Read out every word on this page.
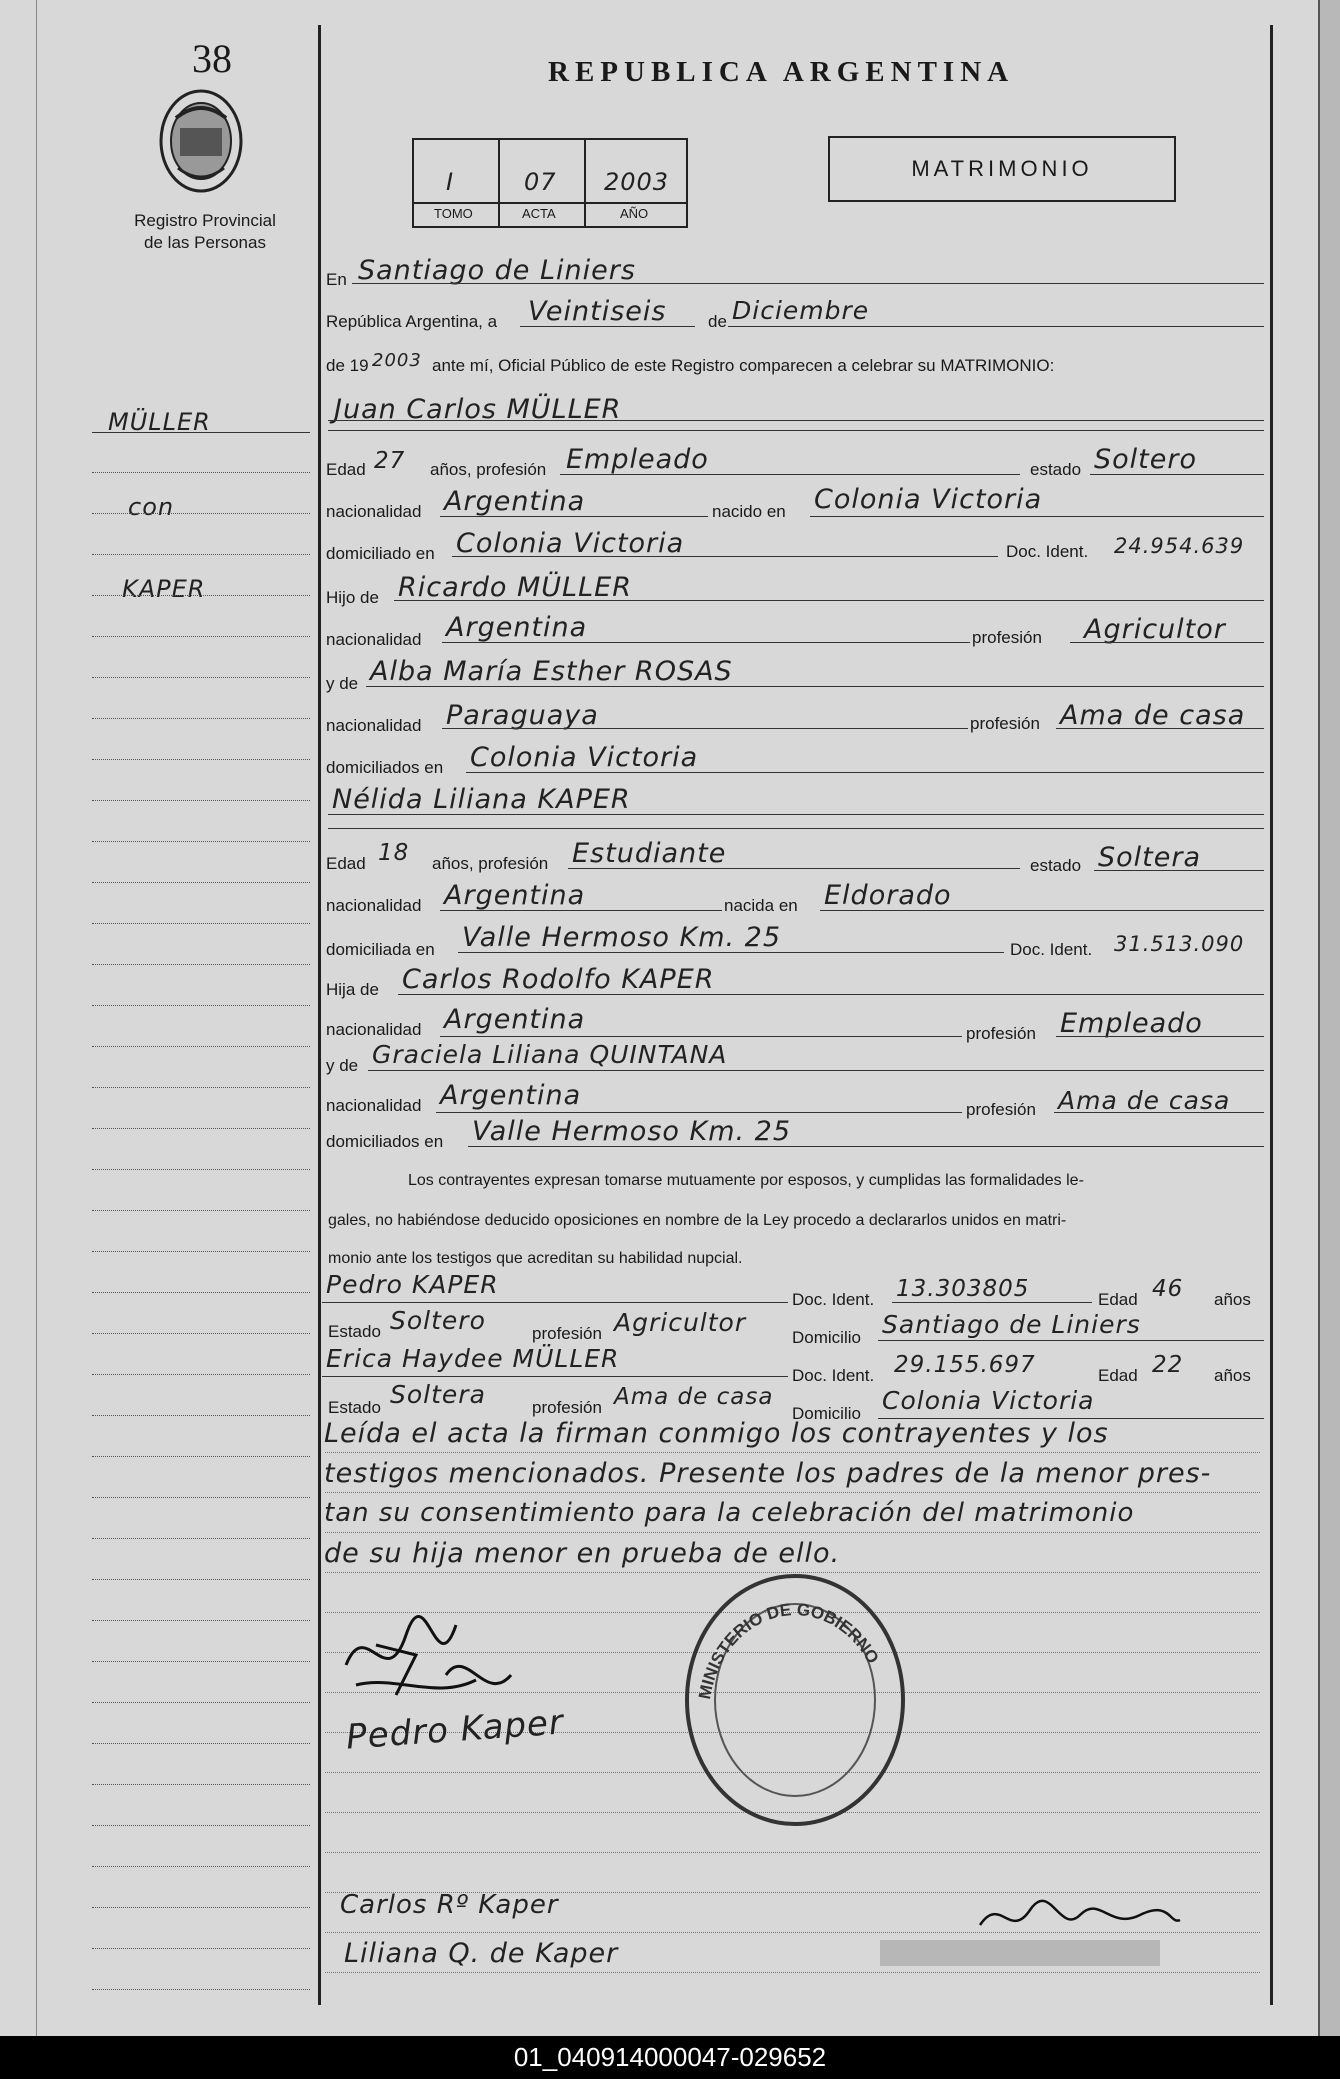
38
Registro Provincial
de las Personas
MÜLLER
con
KAPER
REPUBLICA ARGENTINA
I	07 2003
TOMO	ACTA	AÑO
MATRIMONIO
En Santiago de Liniers
República Argentina, a Veintiseis de Diciembre
de 19 2003 ante mí, Oficial Público de este Registro comparecen a celebrar su MATRIMONIO:
Juan Carlos MÜLLER
Edad 27 años, profesión Empleado	estado Soltero
nacionalidad Argentina	nacido en Colonia Victoria
domiciliado en Colonia Victoria	Doc. Ident. 24.954.639
Hijo de Ricardo MÜLLER
nacionalidad Argentina	profesión Agricultor
y de Alba María Esther ROSAS
nacionalidad Paraguaya	profesión Ama de casa
domiciliados en Colonia Victoria
Nélida Liliana KAPER
Edad 18 años, profesión Estudiante	estado Soltera
nacionalidad Argentina	nacida en Eldorado
domiciliada en Valle Hermoso Km. 25	Doc. Ident. 31.513.090
Hija de Carlos Rodolfo KAPER
nacionalidad Argentina	profesión Empleado
y de Graciela Liliana QUINTANA
nacionalidad Argentina	profesión Ama de casa
domiciliados en Valle Hermoso Km. 25
Los contrayentes expresan tomarse mutuamente por esposos, y cumplidas las formalidades le-
gales, no habiéndose deducido oposiciones en nombre de la Ley procedo a declararlos unidos en matri-
monio ante los testigos que acreditan su habilidad nupcial.
Pedro KAPER
Doc. Ident. 13.303805	Edad 46 años
Estado Soltero	profesión Agricultor
Domicilio Santiago de Liniers
Erica Haydee MÜLLER
Doc. Ident. 29.155.697	Edad 22 años
Estado Soltera	profesión Ama de casa
Domicilio Colonia Victoria
Leída el acta la firman conmigo los contrayentes y los
testigos mencionados. Presente los padres de la menor pres-
tan su consentimiento para la celebración del matrimonio
de su hija menor en prueba de ello.
MINISTERIO DE GOBIERNO
Pedro Kaper
Carlos Rº Kaper
Liliana Q. de Kaper
01_040914000047-029652
